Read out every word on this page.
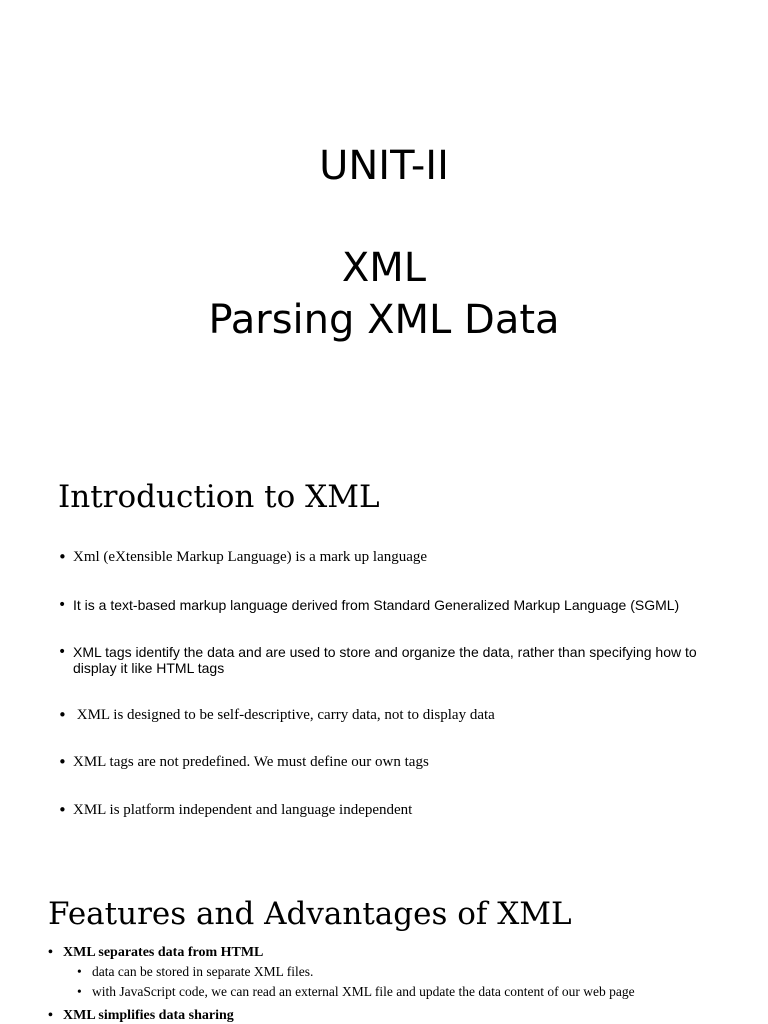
UNIT-II
XML
Parsing XML Data
Introduction to XML
• Xml (eXtensible Markup Language) is a mark up language
• It is a text-based markup language derived from Standard Generalized Markup Language (SGML)
• XML tags identify the data and are used to store and organize the data, rather than specifying how to display it like HTML tags
• XML is designed to be self-descriptive, carry data, not to display data
• XML tags are not predefined. We must define our own tags
• XML is platform independent and language independent
Features and Advantages of XML
• XML separates data from HTML
• data can be stored in separate XML files.
• with JavaScript code, we can read an external XML file and update the data content of our web page
• XML simplifies data sharing
